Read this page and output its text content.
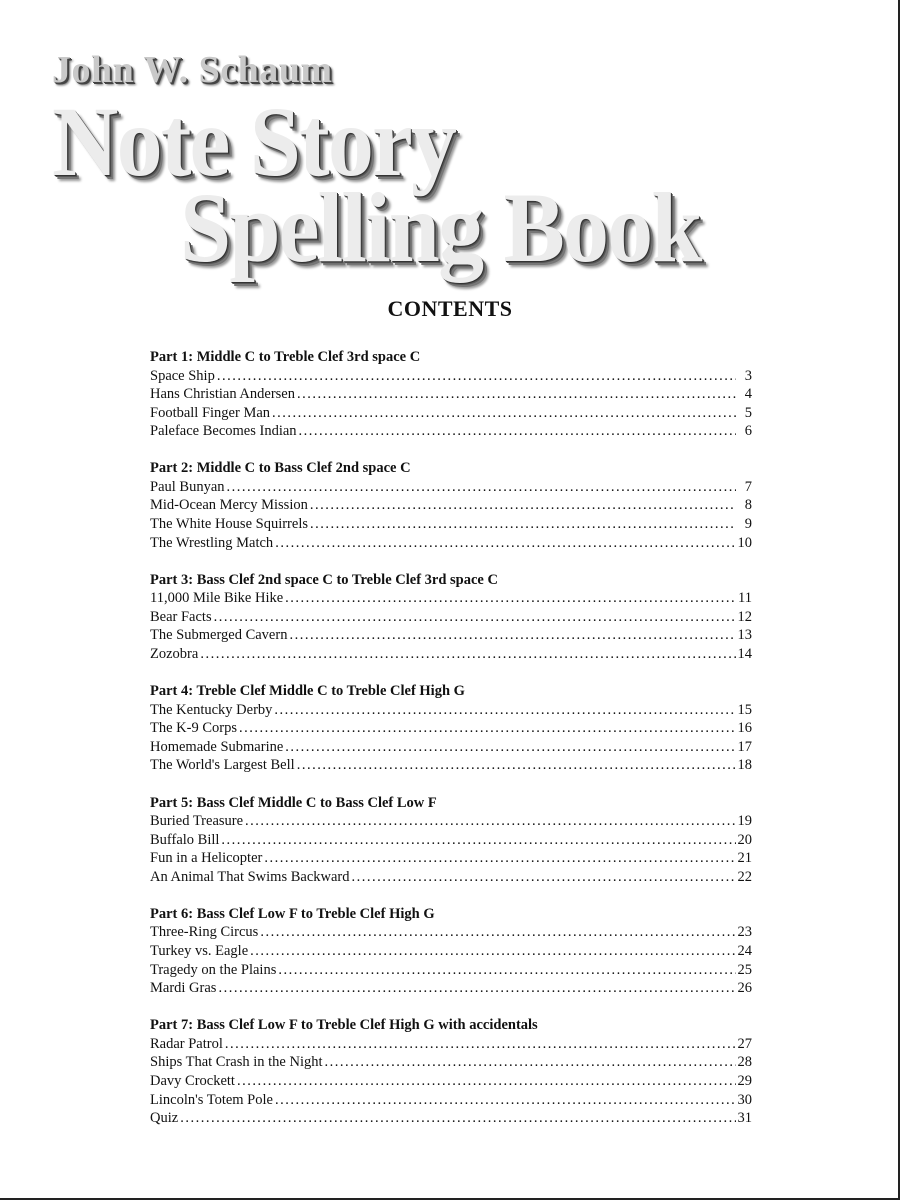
John W. Schaum
Note Story
Spelling Book
CONTENTS
Part 1: Middle C to Treble Clef 3rd space C
Space Ship .....	3
Hans Christian Andersen .....	4
Football Finger Man .....	5
Paleface Becomes Indian .....	6
Part 2: Middle C to Bass Clef 2nd space C
Paul Bunyan .....	7
Mid-Ocean Mercy Mission .....	8
The White House Squirrels .....	9
The Wrestling Match .....	10
Part 3: Bass Clef 2nd space C to Treble Clef 3rd space C
11,000 Mile Bike Hike .....	11
Bear Facts .....	12
The Submerged Cavern .....	13
Zozobra .....	14
Part 4: Treble Clef Middle C to Treble Clef High G
The Kentucky Derby .....	15
The K-9 Corps .....	16
Homemade Submarine .....	17
The World's Largest Bell .....	18
Part 5: Bass Clef Middle C to Bass Clef Low F
Buried Treasure .....	19
Buffalo Bill .....	20
Fun in a Helicopter .....	21
An Animal That Swims Backward .....	22
Part 6: Bass Clef Low F to Treble Clef High G
Three-Ring Circus .....	23
Turkey vs. Eagle .....	24
Tragedy on the Plains .....	25
Mardi Gras .....	26
Part 7: Bass Clef Low F to Treble Clef High G with accidentals
Radar Patrol .....	27
Ships That Crash in the Night .....	28
Davy Crockett .....	29
Lincoln's Totem Pole .....	30
Quiz .....	31
